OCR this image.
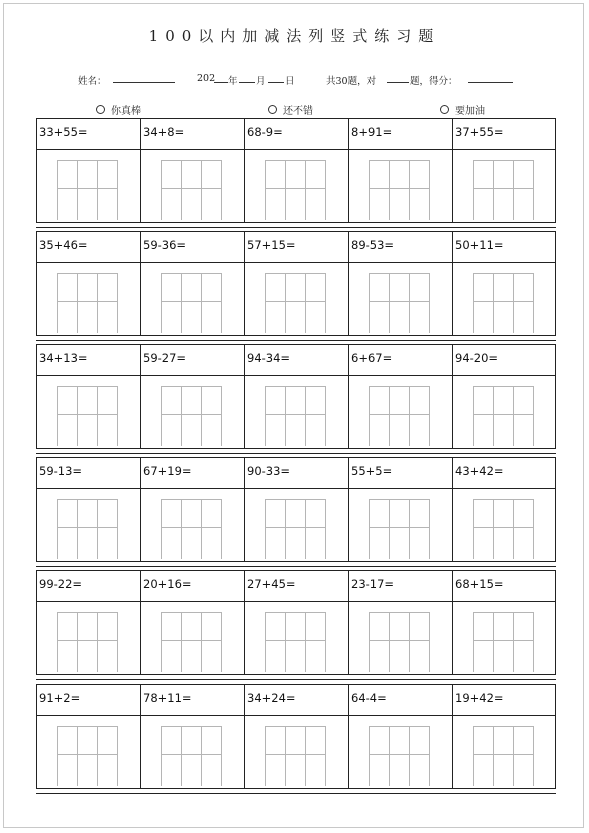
100以内加减法列竖式练习题
姓名：	202 年 月 日	共30题，对	题，得分：
你真棒	还不错	要加油
33+55=	34+8=	68-9=	8+91=	37+55=
35+46=	59-36=	57+15=	89-53=	50+11=
34+13=	59-27=	94-34=	6+67=	94-20=
59-13=	67+19=	90-33=	55+5=	43+42=
99-22=	20+16=	27+45=	23-17=	68+15=
91+2=	78+11=	34+24=	64-4=	19+42=
